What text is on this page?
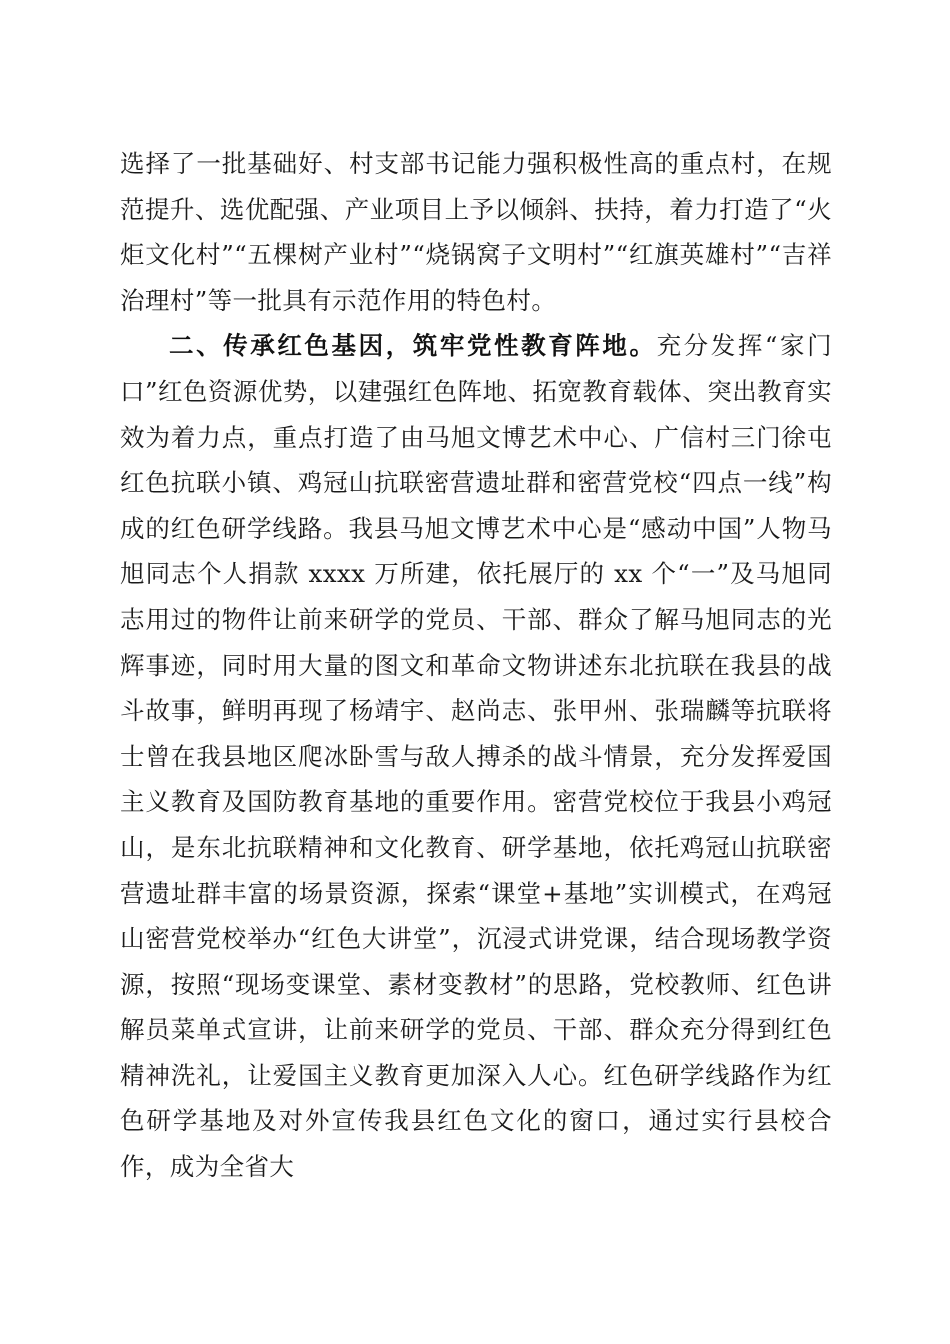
选择了一批基础好、村支部书记能力强积极性高的重点村，在规范提升、选优配强、产业项目上予以倾斜、扶持，着力打造了“火炬文化村”“五棵树产业村”“烧锅窝子文明村”“红旗英雄村”“吉祥治理村”等一批具有示范作用的特色村。

二、传承红色基因，筑牢党性教育阵地。充分发挥“家门口”红色资源优势，以建强红色阵地、拓宽教育载体、突出教育实效为着力点，重点打造了由马旭文博艺术中心、广信村三门徐屯红色抗联小镇、鸡冠山抗联密营遗址群和密营党校“四点一线”构成的红色研学线路。我县马旭文博艺术中心是“感动中国”人物马旭同志个人捐款 xxxx 万所建，依托展厅的 xx 个“一”及马旭同志用过的物件让前来研学的党员、干部、群众了解马旭同志的光辉事迹，同时用大量的图文和革命文物讲述东北抗联在我县的战斗故事，鲜明再现了杨靖宇、赵尚志、张甲州、张瑞麟等抗联将士曾在我县地区爬冰卧雪与敌人搏杀的战斗情景，充分发挥爱国主义教育及国防教育基地的重要作用。密营党校位于我县小鸡冠山，是东北抗联精神和文化教育、研学基地，依托鸡冠山抗联密营遗址群丰富的场景资源，探索“课堂+基地”实训模式，在鸡冠山密营党校举办“红色大讲堂”，沉浸式讲党课，结合现场教学资源，按照“现场变课堂、素材变教材”的思路，党校教师、红色讲解员菜单式宣讲，让前来研学的党员、干部、群众充分得到红色精神洗礼，让爱国主义教育更加深入人心。红色研学线路作为红色研学基地及对外宣传我县红色文化的窗口，通过实行县校合作，成为全省大
